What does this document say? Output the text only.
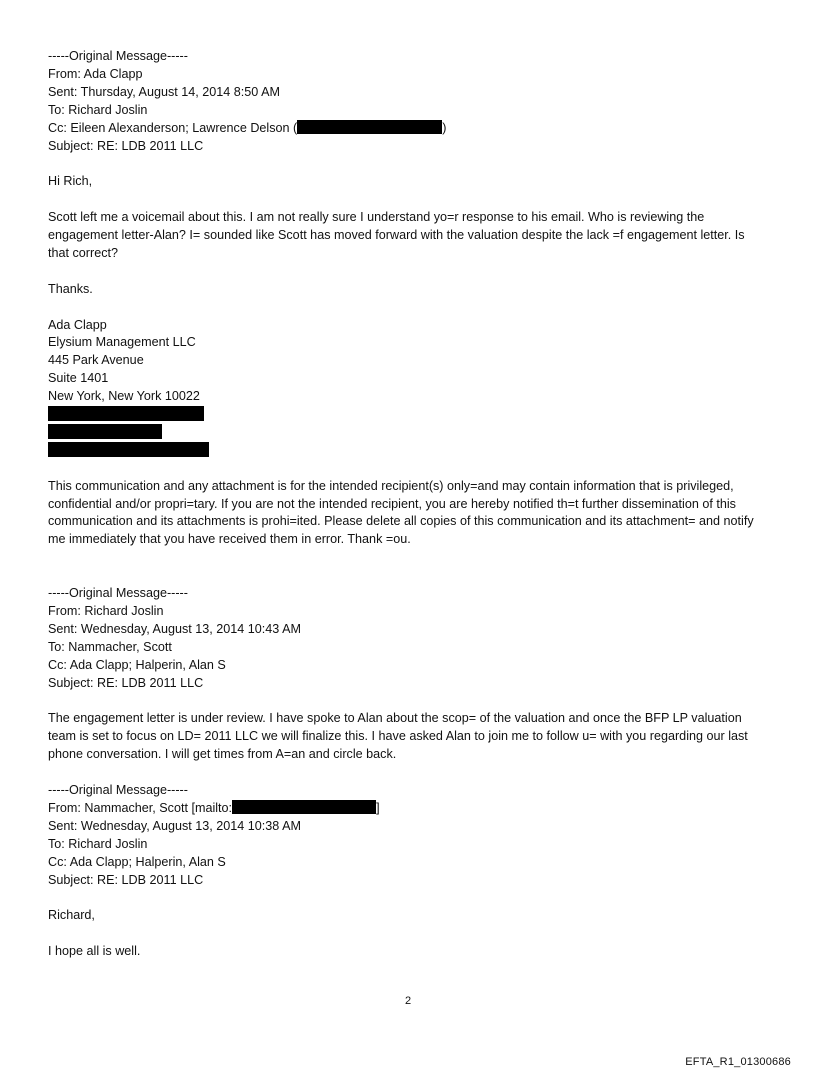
-----Original Message-----
From: Ada Clapp
Sent: Thursday, August 14, 2014 8:50 AM
To: Richard Joslin
Cc: Eileen Alexanderson; Lawrence Delson (	)
Subject: RE: LDB 2011 LLC
Hi Rich,
Scott left me a voicemail about this. I am not really sure I understand yo=r response to his email. Who is reviewing the engagement letter-Alan? I= sounded like Scott has moved forward with the valuation despite the lack =f engagement letter. Is that correct?
Thanks.
Ada Clapp
Elysium Management LLC
445 Park Avenue
Suite 1401
New York, New York 10022
This communication and any attachment is for the intended recipient(s) only=and may contain information that is privileged, confidential and/or propri=tary. If you are not the intended recipient, you are hereby notified th=t further dissemination of this communication and its attachments is prohi=ited. Please delete all copies of this communication and its attachment= and notify me immediately that you have received them in error. Thank =ou.
-----Original Message-----
From: Richard Joslin
Sent: Wednesday, August 13, 2014 10:43 AM
To: Nammacher, Scott
Cc: Ada Clapp; Halperin, Alan S
Subject: RE: LDB 2011 LLC
The engagement letter is under review. I have spoke to Alan about the scop= of the valuation and once the BFP LP valuation team is set to focus on LD= 2011 LLC we will finalize this. I have asked Alan to join me to follow u= with you regarding our last phone conversation. I will get times from A=an and circle back.
-----Original Message-----
From: Nammacher, Scott [mailto:	]
Sent: Wednesday, August 13, 2014 10:38 AM
To: Richard Joslin
Cc: Ada Clapp; Halperin, Alan S
Subject: RE: LDB 2011 LLC
Richard,
I hope all is well.
2
EFTA_R1_01300686
